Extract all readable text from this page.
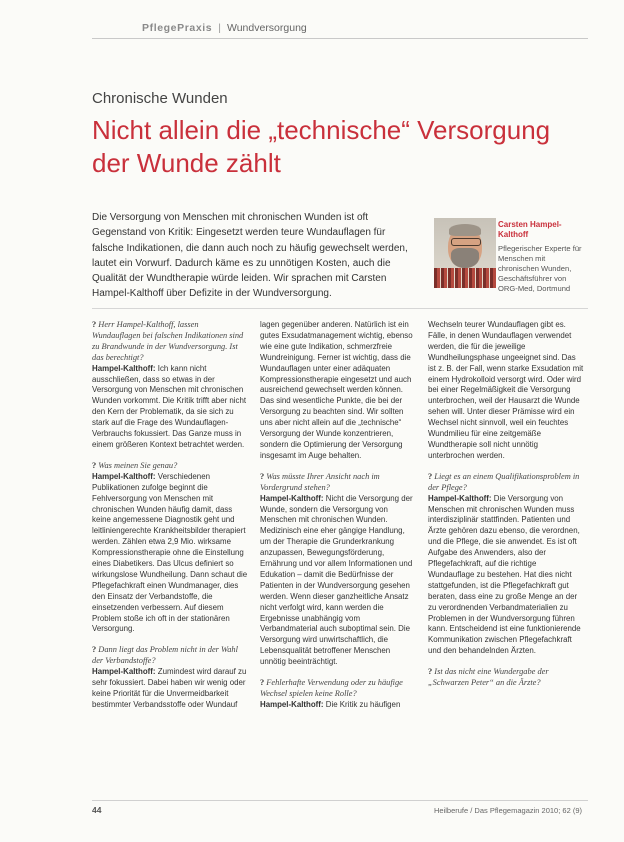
PflegePraxis | Wundversorgung
Chronische Wunden
Nicht allein die „technische“ Versorgung der Wunde zählt

Die Versorgung von Menschen mit chronischen Wunden ist oft Gegenstand von Kritik: Eingesetzt werden teure Wundauflagen für falsche Indikationen, die dann auch noch zu häufig gewechselt werden, lautet ein Vorwurf. Dadurch käme es zu unnötigen Kosten, auch die Qualität der Wundtherapie würde leiden. Wir sprachen mit Carsten Hampel-Kalthoff über Defizite in der Wundversorgung.

Carsten Hampel-Kalthoff
Pflegerischer Experte für Menschen mit chronischen Wunden, Geschäftsführer von ORG-Med, Dortmund

? Herr Hampel-Kalthoff, lassen Wundauflagen bei falschen Indikationen sind zu Brandwunde in der Wundversorgung. Ist das berechtigt?

Hampel-Kalthoff: Ich kann nicht ausschließen, dass so etwas in der Versorgung von Menschen mit chronischen Wunden vorkommt. Die Kritik trifft aber nicht den Kern der Problematik, da sie sich zu stark auf die Frage des Wundauflagen-Verbrauchs fokussiert. Das Ganze muss in einem größeren Kontext betrachtet werden.

? Was meinen Sie genau?

Hampel-Kalthoff: Verschiedenen Publikationen zufolge beginnt die Fehlversorgung von Menschen mit chronischen Wunden häufig damit, dass keine angemessene Diagnostik geht und leitliniengerechte Krankheitsbilder therapiert werden. Zählen etwa 2,9 Mio. wirksame Kompressionstherapie ohne die Einstellung eines Diabetikers. Das Ulcus definiert so wirkungslose Wundheilung. Dann schaut die Pflegefachkraft einen Wundmanager, dies den Einsatz der Verbandstoffe, die einsetzenden verbessern. Auf diesem Problem stoße ich oft in der stationären Versorgung.

? Dann liegt das Problem nicht in der Wahl der Verbandstoffe?

Hampel-Kalthoff: Zumindest wird darauf zu sehr fokussiert. Dabei haben wir wenig oder keine Priorität für die Unvermeidbarkeit bestimmter Verbandsstoffe oder Wundauf

lagen gegenüber anderen. Natürlich ist ein gutes Exsudatmanagement wichtig, ebenso wie eine gute Indikation, schmerzfreie Wundreinigung. Ferner ist wichtig, dass die Wundauflagen unter einer adäquaten Kompressionstherapie eingesetzt und auch ausreichend gewechselt werden können. Das sind wesentliche Punkte, die bei der Versorgung zu beachten sind. Wir sollten uns aber nicht allein auf die „technische“ Versorgung der Wunde konzentrieren, sondern die Optimierung der Versorgung insgesamt im Auge behalten.

? Was müsste Ihrer Ansicht nach im Vordergrund stehen?

Hampel-Kalthoff: Nicht die Versorgung der Wunde, sondern die Versorgung von Menschen mit chronischen Wunden. Medizinisch eine eher gängige Handlung, um der Therapie die Grunderkrankung anzupassen, Bewegungsförderung, Ernährung und vor allem Informationen und Edukation – damit die Bedürfnisse der Patienten in der Wundversorgung gesehen werden. Wenn dieser ganzheitliche Ansatz nicht verfolgt wird, kann werden die Ergebnisse unabhängig vom Verbandmaterial auch suboptimal sein. Die Versorgung wird unwirtschaftlich, die Lebensqualität betroffener Menschen unnötig beeinträchtigt.

? Fehlerhafte Verwendung oder zu häufige Wechsel spielen keine Rolle?

Hampel-Kalthoff: Die Kritik zu häufigen

Wechseln teurer Wundauflagen gibt es. Fälle, in denen Wundauflagen verwendet werden, die für die jeweilige Wundheilungsphase ungeeignet sind. Das ist z. B. der Fall, wenn starke Exsudation mit einem Hydrokolloid versorgt wird. Oder wird bei einer Regelmäßigkeit die Versorgung unterbrochen, weil der Hausarzt die Wunde sehen will. Unter dieser Prämisse wird ein Wechsel nicht sinnvoll, weil ein feuchtes Wundmilieu für eine zeitgemäße Wundtherapie soll nicht unnötig unterbrochen werden.

? Liegt es an einem Qualifikationsproblem in der Pflege?

Hampel-Kalthoff: Die Versorgung von Menschen mit chronischen Wunden muss interdisziplinär stattfinden. Patienten und Ärzte gehören dazu ebenso, die verordnen, und die Pflege, die sie anwendet. Es ist oft Aufgabe des Anwenders, also der Pflegefachkraft, auf die richtige Wundauflage zu bestehen. Hat dies nicht stattgefunden, ist die Pflegefachkraft gut beraten, dass eine zu große Menge an der zu verordnenden Verbandmaterialien zu Problemen in der Wundversorgung führen kann. Entscheidend ist eine funktionierende Kommunikation zwischen Pflegefachkraft und den behandelnden Ärzten.

? Ist das nicht eine Wundergabe der „Schwarzen Peter“ an die Ärzte?

44	Heilberufe / Das Pflegemagazin 2010; 62 (9)
